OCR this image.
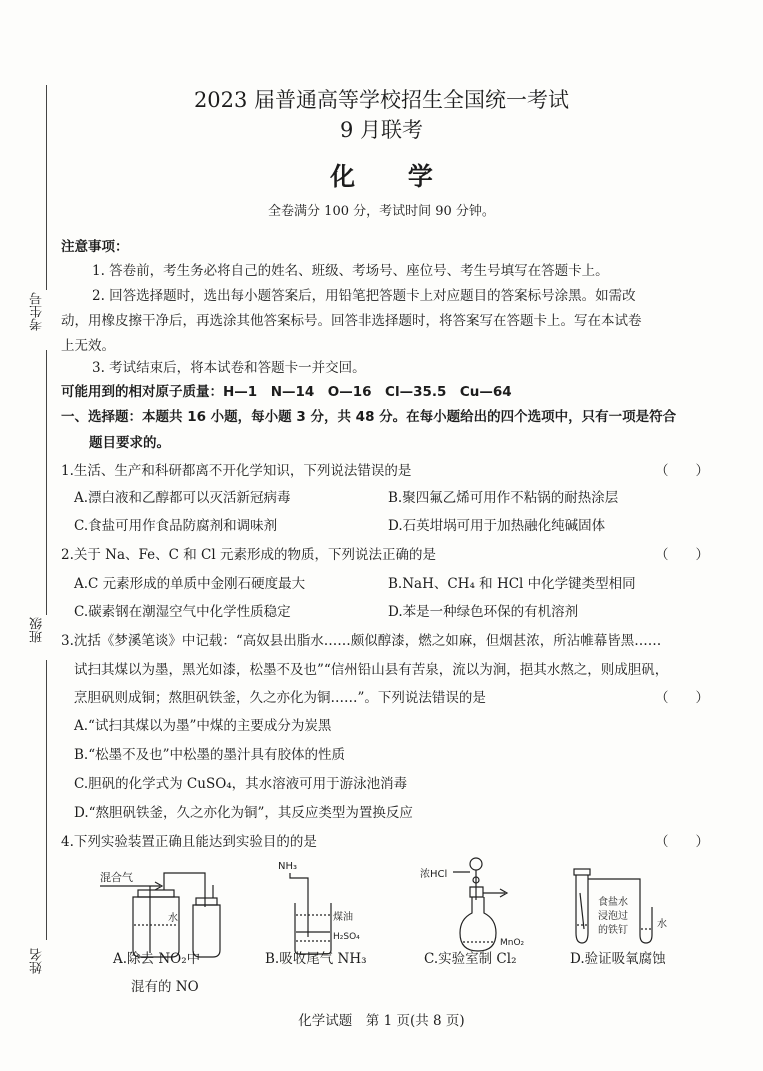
考生号
班级
姓名
2023 届普通高等学校招生全国统一考试
9 月联考
化 学
全卷满分 100 分，考试时间 90 分钟。
注意事项：
1. 答卷前，考生务必将自己的姓名、班级、考场号、座位号、考生号填写在答题卡上。
2. 回答选择题时，选出每小题答案后，用铅笔把答题卡上对应题目的答案标号涂黑。如需改
动，用橡皮擦干净后，再选涂其他答案标号。回答非选择题时，将答案写在答题卡上。写在本试卷
上无效。
3. 考试结束后，将本试卷和答题卡一并交回。
可能用到的相对原子质量：H—1　N—14　O—16　Cl—35.5　Cu—64
一、选择题：本题共 16 小题，每小题 3 分，共 48 分。在每小题给出的四个选项中，只有一项是符合
题目要求的。
1.生活、生产和科研都离不开化学知识，下列说法错误的是	（　　）
A.漂白液和乙醇都可以灭活新冠病毒	B.聚四氟乙烯可用作不粘锅的耐热涂层
C.食盐可用作食品防腐剂和调味剂	D.石英坩埚可用于加热融化纯碱固体
2.关于 Na、Fe、C 和 Cl 元素形成的物质，下列说法正确的是	（　　）
A.C 元素形成的单质中金刚石硬度最大	B.NaH、CH₄ 和 HCl 中化学键类型相同
C.碳素钢在潮湿空气中化学性质稳定	D.苯是一种绿色环保的有机溶剂
3.沈括《梦溪笔谈》中记载：“高奴县出脂水……颇似醇漆，燃之如麻，但烟甚浓，所沾帷幕皆黑……
试扫其煤以为墨，黑光如漆，松墨不及也”“信州铅山县有苦泉，流以为涧，挹其水熬之，则成胆矾，
烹胆矾则成铜；熬胆矾铁釜，久之亦化为铜……”。下列说法错误的是	（　　）
A.“试扫其煤以为墨”中煤的主要成分为炭黑
B.“松墨不及也”中松墨的墨汁具有胶体的性质
C.胆矾的化学式为 CuSO₄，其水溶液可用于游泳池消毒
D.“熬胆矾铁釜，久之亦化为铜”，其反应类型为置换反应
4.下列实验装置正确且能达到实验目的的是	（　　）
混合气
水
NH₃
煤油
H₂SO₄
浓HCl
MnO₂
食盐水
浸泡过
的铁钉
水
A.除去 NO₂中
混有的 NO
B.吸收尾气 NH₃	C.实验室制 Cl₂	D.验证吸氧腐蚀
化学试题　第 1 页(共 8 页)
